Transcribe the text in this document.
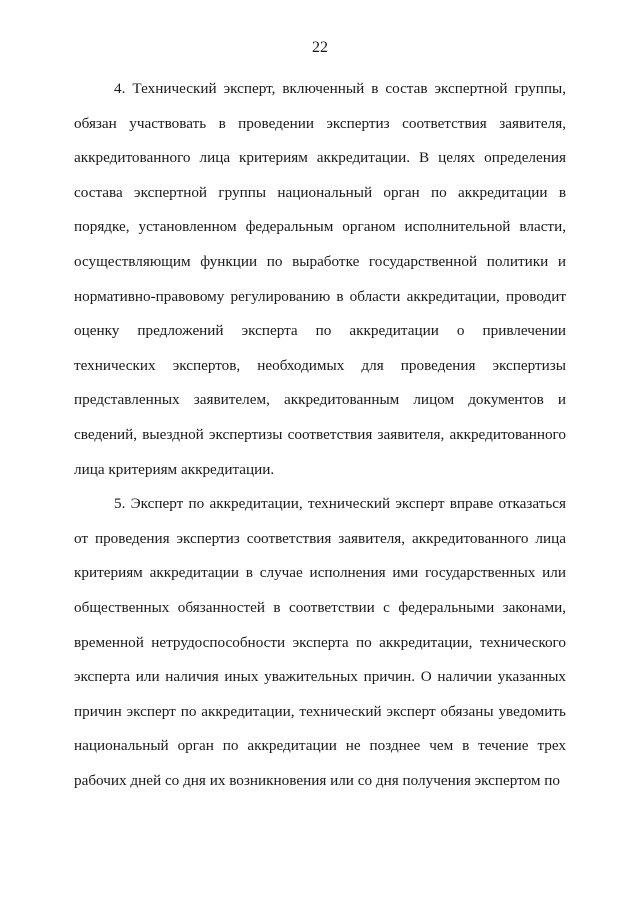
22

4. Технический эксперт, включенный в состав экспертной группы, обязан участвовать в проведении экспертиз соответствия заявителя, аккредитованного лица критериям аккредитации. В целях определения состава экспертной группы национальный орган по аккредитации в порядке, установленном федеральным органом исполнительной власти, осуществляющим функции по выработке государственной политики и нормативно-правовому регулированию в области аккредитации, проводит оценку предложений эксперта по аккредитации о привлечении технических экспертов, необходимых для проведения экспертизы представленных заявителем, аккредитованным лицом документов и сведений, выездной экспертизы соответствия заявителя, аккредитованного лица критериям аккредитации.

5. Эксперт по аккредитации, технический эксперт вправе отказаться от проведения экспертиз соответствия заявителя, аккредитованного лица критериям аккредитации в случае исполнения ими государственных или общественных обязанностей в соответствии с федеральными законами, временной нетрудоспособности эксперта по аккредитации, технического эксперта или наличия иных уважительных причин. О наличии указанных причин эксперт по аккредитации, технический эксперт обязаны уведомить национальный орган по аккредитации не позднее чем в течение трех рабочих дней со дня их возникновения или со дня получения экспертом по
